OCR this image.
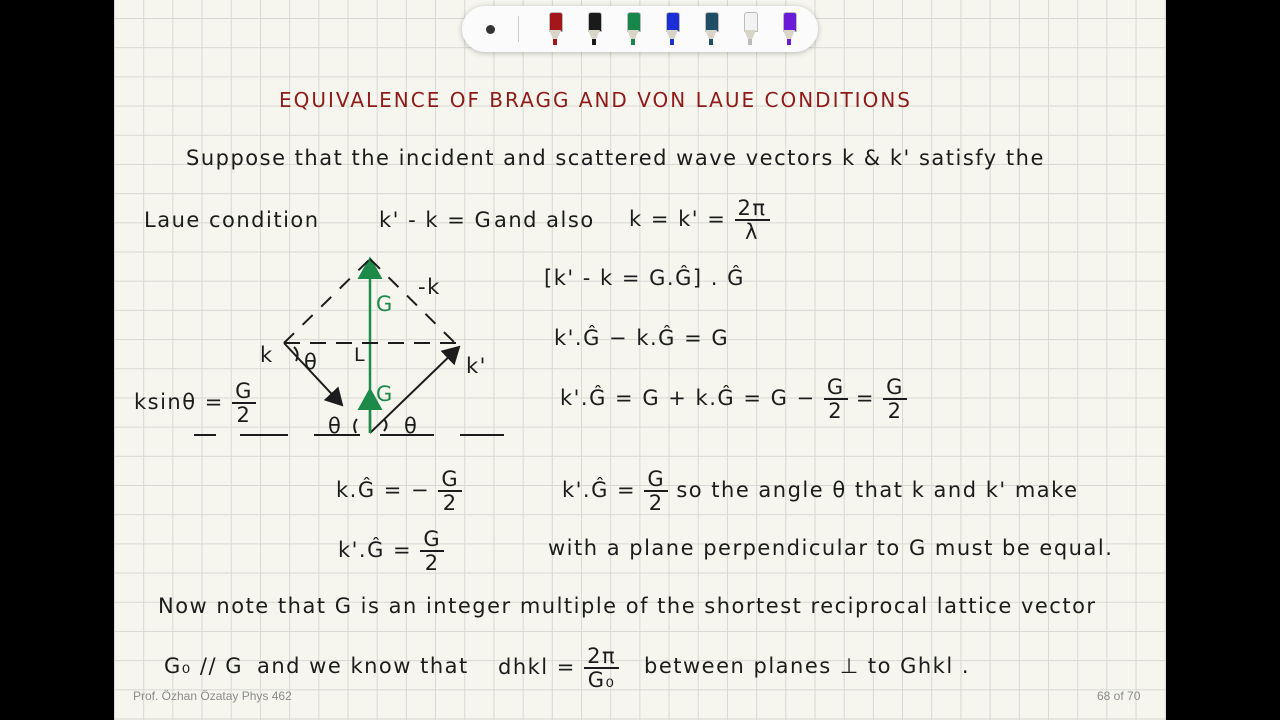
EQUIVALENCE OF BRAGG AND VON LAUE CONDITIONS
Suppose that the incident and scattered wave vectors k & k' satisfy the
Laue condition	k' - k = G and also $k = k' = \frac{2\pi}{\lambda}$
k	k'
-k
G
G
θ
θ	θ
L
$ksin\theta = \frac{G}{2}$
[k' - k = G.Ĝ] . Ĝ
k'.Ĝ − k.Ĝ = G
k'.Ĝ = G + k.Ĝ = $G - \frac{G}{2} = \frac{G}{2}$
k.Ĝ = − $\frac{G}{2}$
k'.Ĝ = $\frac{G}{2}$
k'.Ĝ = $\frac{G}{2}$ so the angle θ that k and k' make
with a plane perpendicular to G must be equal.
Now note that G is an integer multiple of the shortest reciprocal lattice vector
G₀ // G and we know that dhkl = $\frac{2\pi}{\text{G₀}}$ between planes ⊥ to Ghkl .
Prof. Özhan Özatay Phys 462	68 of 70
